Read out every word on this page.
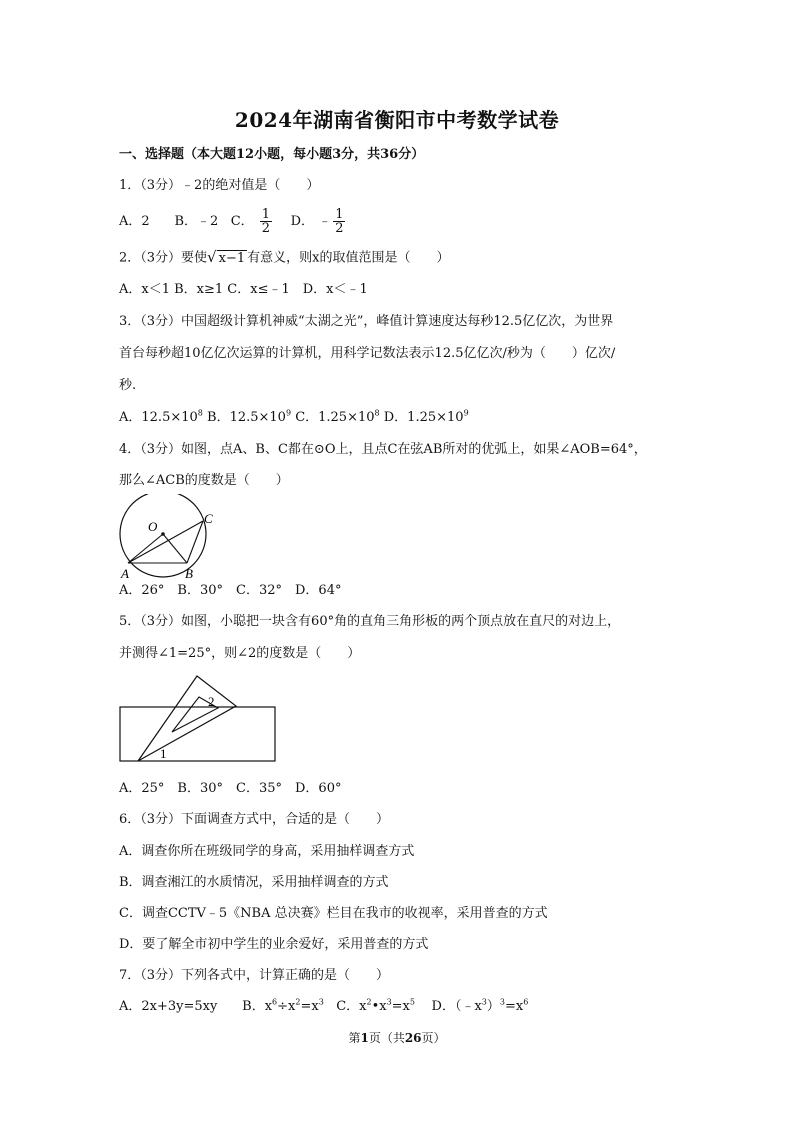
2024年湖南省衡阳市中考数学试卷
一、选择题（本大题12小题，每小题3分，共36分）
1．（3分）﹣2的绝对值是（　　）
A．2 B．﹣2 C． $\frac{1}{2}$ D． ﹣ $\frac{1}{2}$
2．（3分）要使√ x−1 有意义，则x的取值范围是（　　）
A．x＜1 B．x≥1 C．x≤﹣1　D．x＜﹣1
3．（3分）中国超级计算机神威“太湖之光”，峰值计算速度达每秒12.5亿亿次，为世界
首台每秒超10亿亿次运算的计算机，用科学记数法表示12.5亿亿次/秒为（　　）亿次/
秒.
A．$12.5\times 10^8$ B．$12.5\times 10^9$ C．$1.25\times 10^8$ D．$1.25\times 10^9$
4．（3分）如图，点A、B、C都在⊙O上，且点C在弦AB所对的优弧上，如果∠AOB=64°，
那么∠ACB的度数是（　　）
O
A	B
C
A．26°　B．30°　C．32°　D．64°
5．（3分）如图，小聪把一块含有60°角的直角三角形板的两个顶点放在直尺的对边上，
并测得∠1=25°，则∠2的度数是（　　）
1
2
A．25°　B．30°　C．35°　D．60°
6．（3分）下面调查方式中，合适的是（　　）
A．调查你所在班级同学的身高，采用抽样调查方式
B．调查湘江的水质情况，采用抽样调查的方式
C．调查CCTV﹣5《NBA 总决赛》栏目在我市的收视率，采用普查的方式
D．要了解全市初中学生的业余爱好，采用普查的方式
7．（3分）下列各式中，计算正确的是（　　）
A．2x+3y=5xy B．$x^6\div x^2=x^3$ C．$x^2•x^3=x^5$ D．$(﹣x^3)^3=x^6$
第1页（共26页）
